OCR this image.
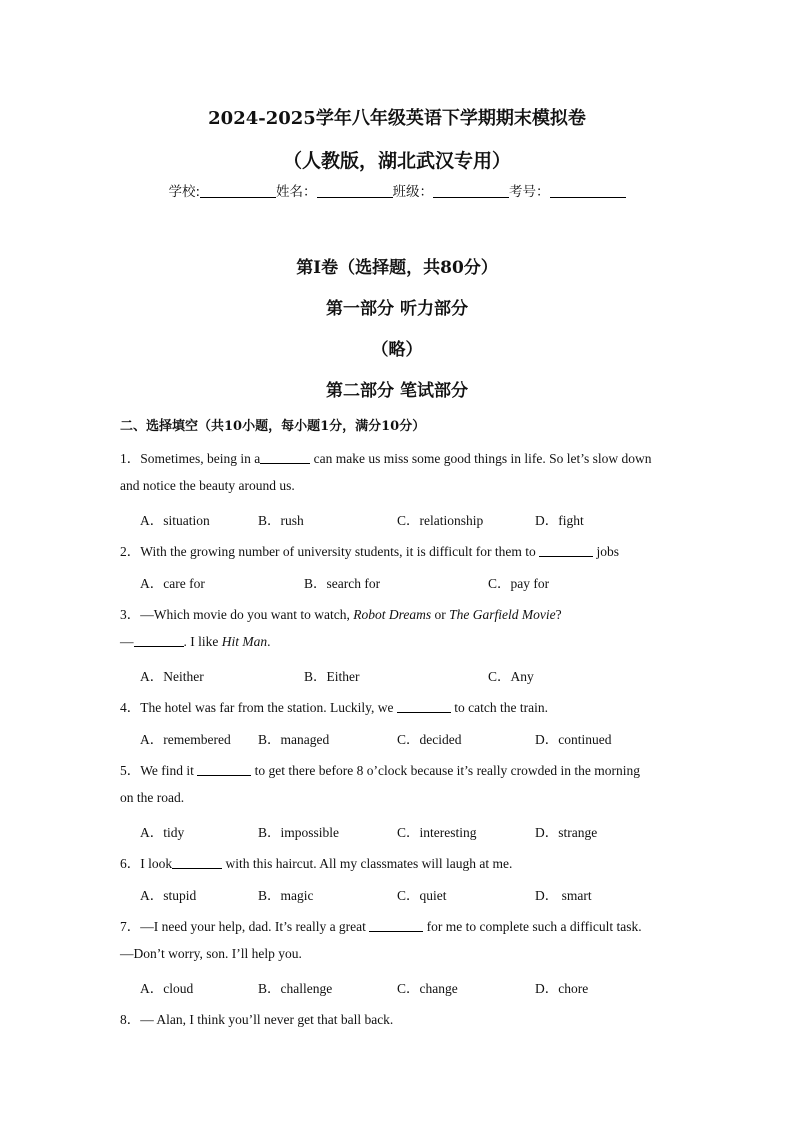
2024-2025学年八年级英语下学期期末模拟卷
（人教版，湖北武汉专用）
学校:	姓名：	班级：	考号：
第Ⅰ卷（选择题，共80分）
第一部分 听力部分
（略）
第二部分 笔试部分
二、选择填空（共10小题，每小题1分，满分10分）
1．Sometimes, being in a	can make us miss some good things in life. So let’s slow down
and notice the beauty around us.
A．situation	B．rush	C．relationship	D．fight
2．With the growing number of university students, it is difficult for them to	jobs
A．care for	B．search for	C．pay for
3．—Which movie do you want to watch, Robot Dreams or The Garfield Movie?
—	. I like Hit Man.
A．Neither	B．Either	C．Any
4．The hotel was far from the station. Luckily, we	to catch the train.
A．remembered B．managed	C．decided	D．continued
5．We find it	to get there before 8 o’clock because it’s really crowded in the morning
on the road.
A．tidy	B．impossible	C．interesting	D．strange
6．I look	with this haircut. All my classmates will laugh at me.
A．stupid	B．magic	C．quiet	D． smart
7．—I need your help, dad. It’s really a great	for me to complete such a difficult task.
—Don’t worry, son. I’ll help you.
A．cloud	B．challenge	C．change	D．chore
8．— Alan, I think you’ll never get that ball back.
